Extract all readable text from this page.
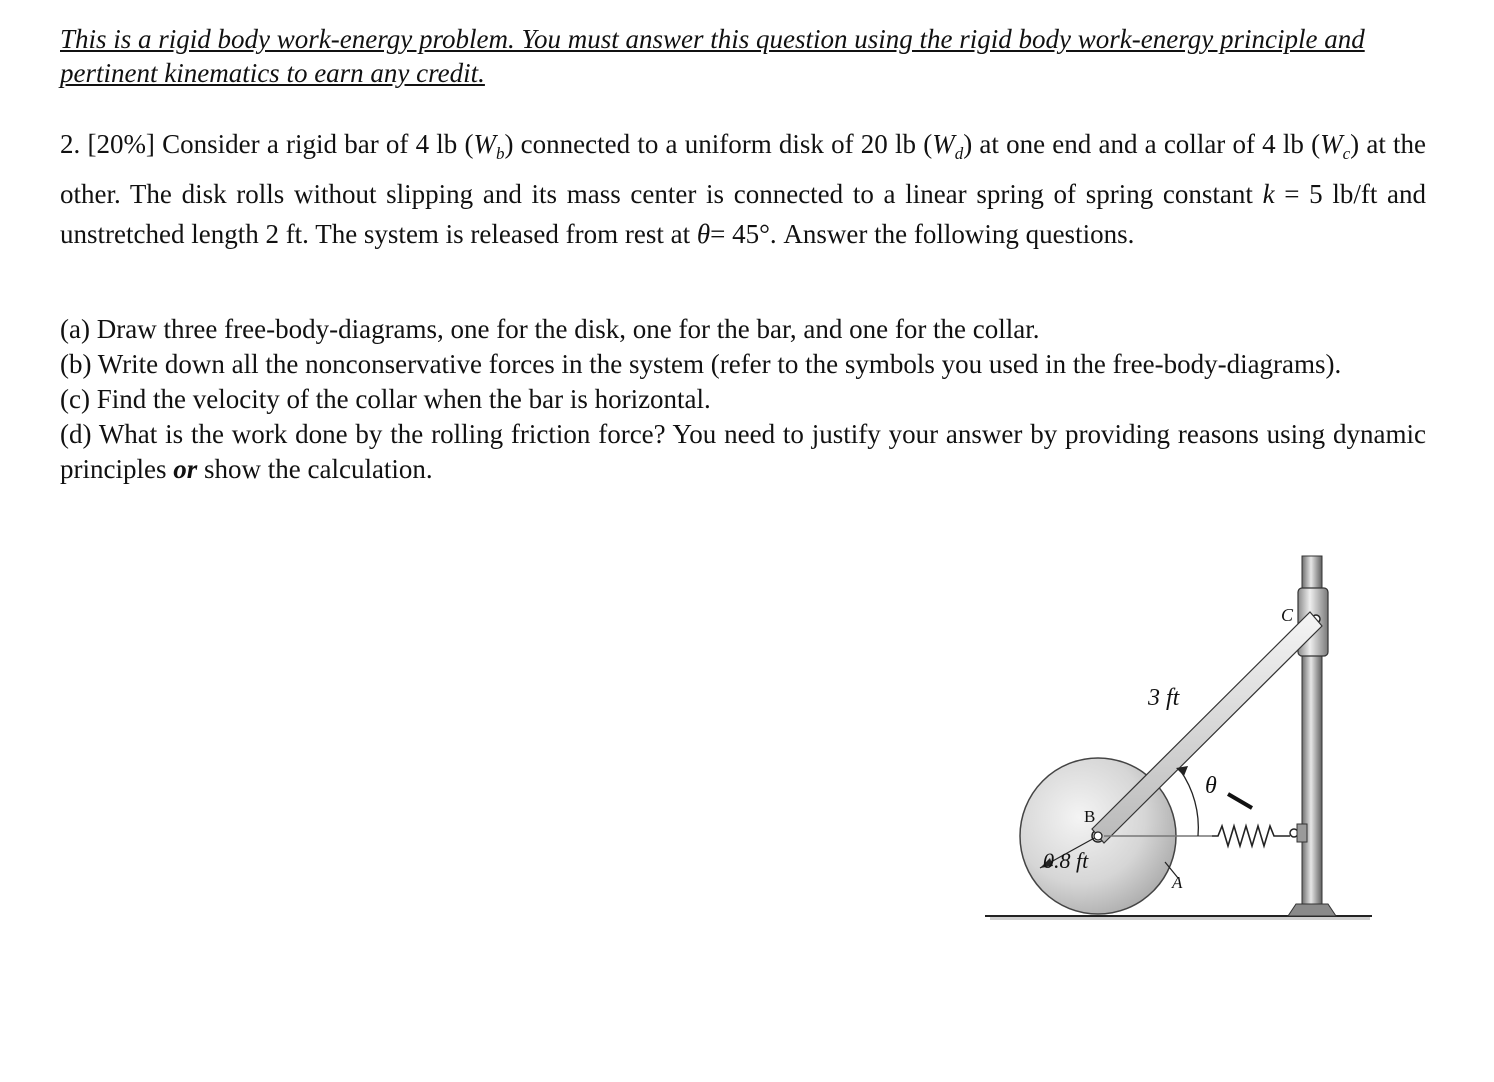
This is a rigid body work-energy problem. You must answer this question using the rigid body work-energy principle and pertinent kinematics to earn any credit.
2. [20%] Consider a rigid bar of 4 lb $(W_b)$ connected to a uniform disk of 20 lb $(W_d)$ at one end and a collar of 4 lb $(W_c)$ at the other. The disk rolls without slipping and its mass center is connected to a linear spring of spring constant k = 5 lb/ft and unstretched length 2 ft. The system is released from rest at θ= 45°. Answer the following questions.
(a) Draw three free-body-diagrams, one for the disk, one for the bar, and one for the collar.
(b) Write down all the nonconservative forces in the system (refer to the symbols you used in the free-body-diagrams).
(c) Find the velocity of the collar when the bar is horizontal.
(d) What is the work done by the rolling friction force? You need to justify your answer by providing reasons using dynamic principles or show the calculation.
C
3 ft
θ
B
0.8 ft
A
